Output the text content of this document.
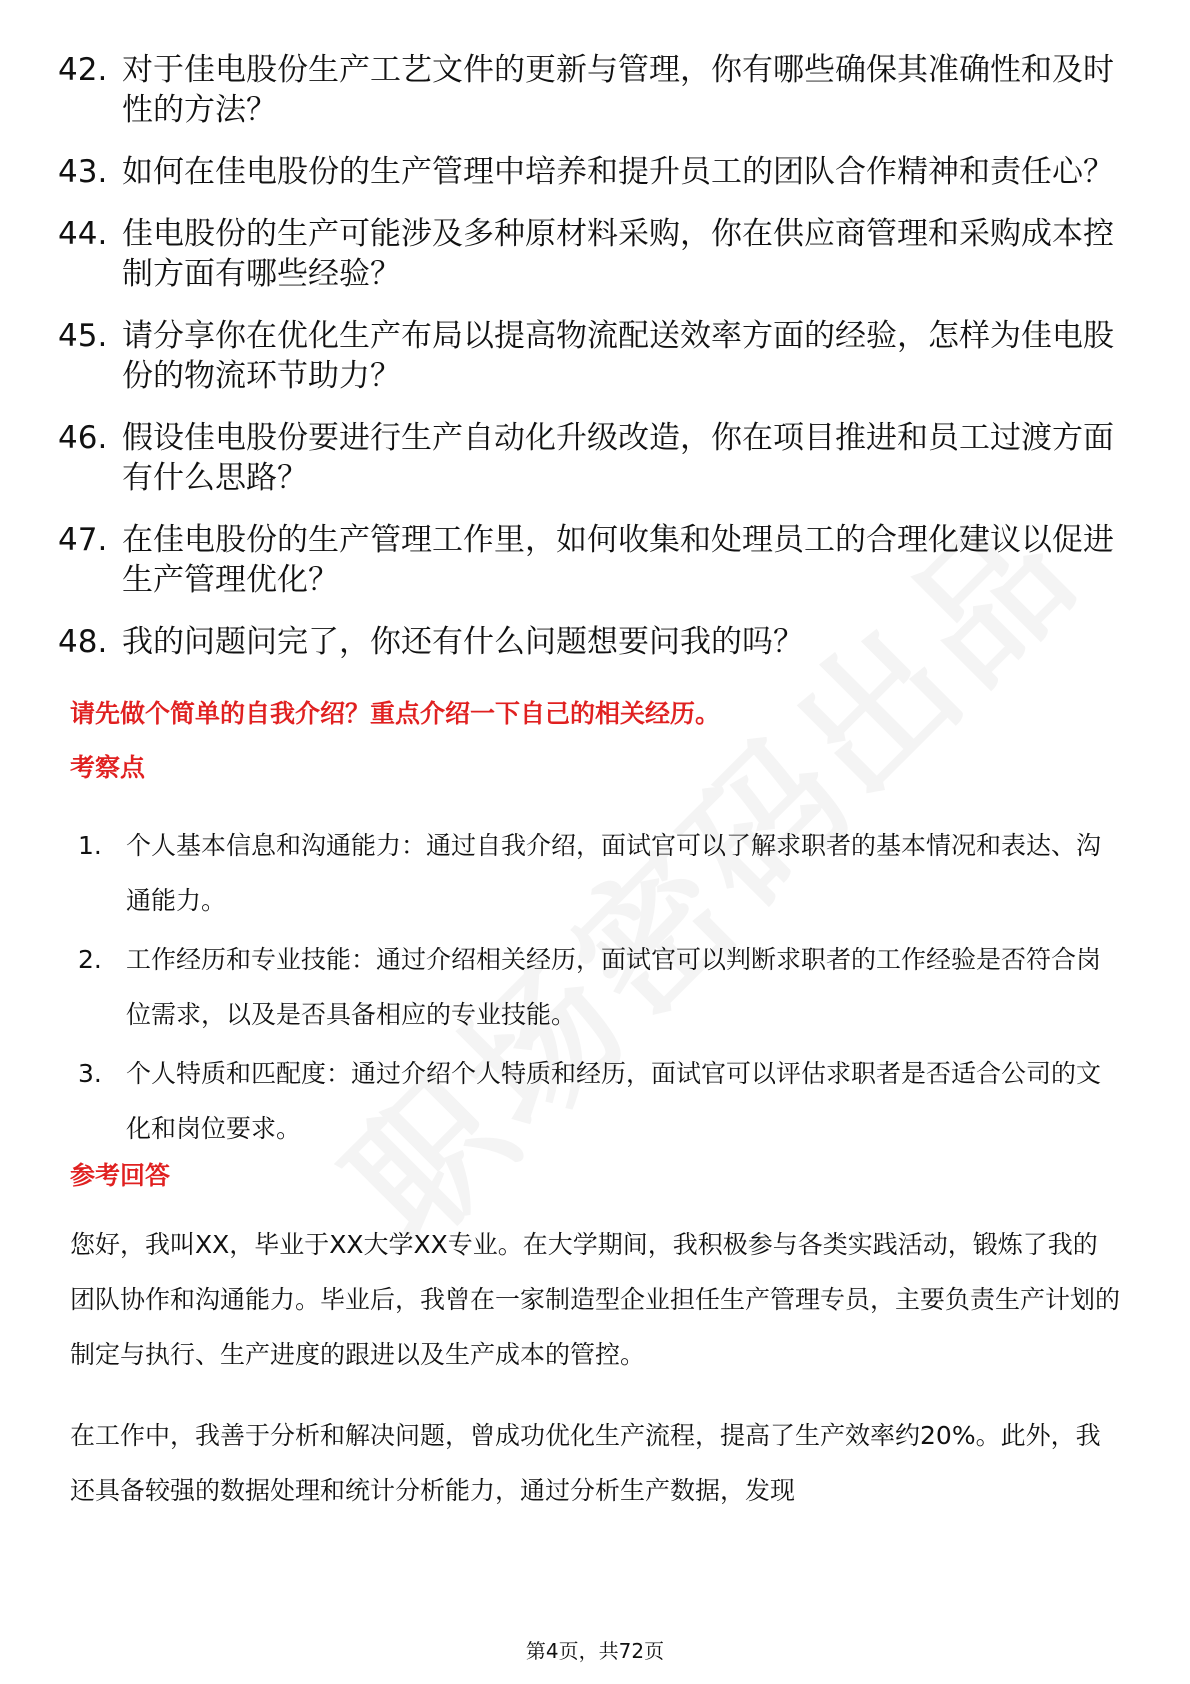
42. 对于佳电股份生产工艺文件的更新与管理，你有哪些确保其准确性和及时性的方法？
43. 如何在佳电股份的生产管理中培养和提升员工的团队合作精神和责任心？
44. 佳电股份的生产可能涉及多种原材料采购，你在供应商管理和采购成本控制方面有哪些经验？
45. 请分享你在优化生产布局以提高物流配送效率方面的经验，怎样为佳电股份的物流环节助力？
46. 假设佳电股份要进行生产自动化升级改造，你在项目推进和员工过渡方面有什么思路？
47. 在佳电股份的生产管理工作里，如何收集和处理员工的合理化建议以促进生产管理优化？
48. 我的问题问完了，你还有什么问题想要问我的吗？
请先做个简单的自我介绍？重点介绍一下自己的相关经历。
考察点
1. 个人基本信息和沟通能力：通过自我介绍，面试官可以了解求职者的基本情况和表达、沟通能力。
2. 工作经历和专业技能：通过介绍相关经历，面试官可以判断求职者的工作经验是否符合岗位需求，以及是否具备相应的专业技能。
3. 个人特质和匹配度：通过介绍个人特质和经历，面试官可以评估求职者是否适合公司的文化和岗位要求。
参考回答

您好，我叫XX，毕业于XX大学XX专业。在大学期间，我积极参与各类实践活动，锻炼了我的团队协作和沟通能力。毕业后，我曾在一家制造型企业担任生产管理专员，主要负责生产计划的制定与执行、生产进度的跟进以及生产成本的管控。

在工作中，我善于分析和解决问题，曾成功优化生产流程，提高了生产效率约20%。此外，我还具备较强的数据处理和统计分析能力，通过分析生产数据，发现

第4页，共72页
